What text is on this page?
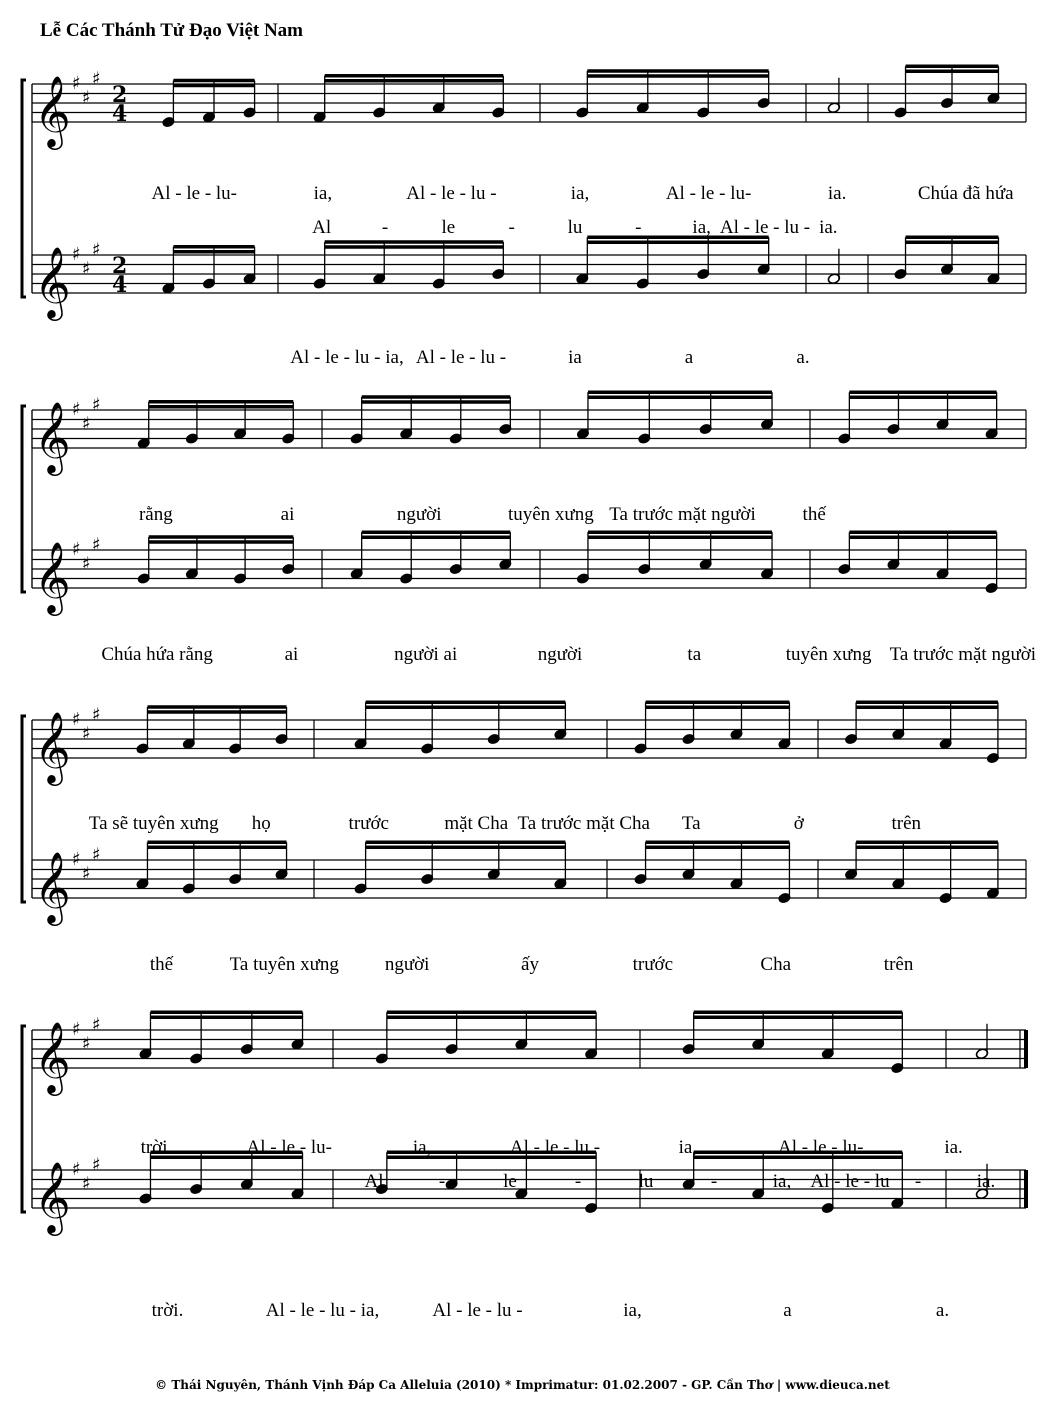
Lễ Các Thánh Tử Đạo Việt Nam
𝄞 ♯
♯
♯
2
4
𝄞 ♯
♯
♯
2
4
𝄞 ♯
♯
♯
𝄞 ♯
♯
♯
𝄞 ♯
♯
♯
𝄞 ♯
♯
♯
𝄞 ♯
♯
♯
𝄞 ♯
♯
♯
Al - le - lu-	ia,	Al - le - lu -	ia,	Al - le - lu-	ia.	Chúa đã hứa
Al	-	le	-	lu	-	ia, Al - le - lu - ia.
Al - le - lu - ia, Al - le - lu -	ia	a	a.
rằng	ai	người	tuyên xưng Ta trước mặt người thế
Chúa hứa rằng	ai	người ai	người	ta	tuyên xưng Ta trước mặt người
Ta sẽ tuyên xưng họ	trước	mặt Cha Ta trước mặt Cha Ta	ở	trên
thế	Ta tuyên xưng người	ấy	trước	Cha	trên
trời.	Al - le - lu-	ia,	Al - le - lu -	ia,	Al - le - lu-	ia.
Al	-	le	-	lu	-	ia, Al - le - lu -	ia.
trời.	Al - le - lu - ia,	Al - le - lu -	ia,	a	a.
© Thái Nguyên, Thánh Vịnh Đáp Ca Alleluia (2010) * Imprimatur: 01.02.2007 - GP. Cần Thơ | www.dieuca.net
